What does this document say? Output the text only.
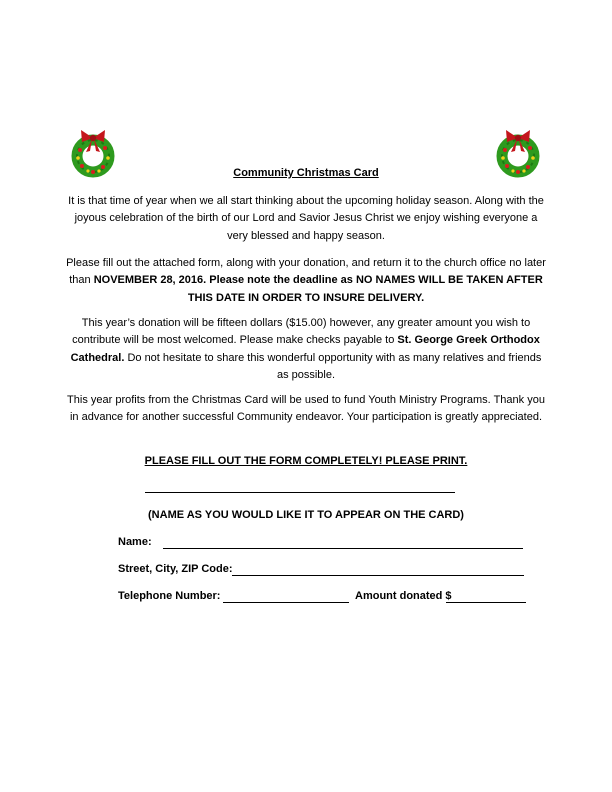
Community Christmas Card
It is that time of year when we all start thinking about the upcoming holiday season. Along with the joyous celebration of the birth of our Lord and Savior Jesus Christ we enjoy wishing everyone a very blessed and happy season.
Please fill out the attached form, along with your donation, and return it to the church office no later than NOVEMBER 28, 2016. Please note the deadline as NO NAMES WILL BE TAKEN AFTER THIS DATE IN ORDER TO INSURE DELIVERY.
This year’s donation will be fifteen dollars ($15.00) however, any greater amount you wish to contribute will be most welcomed. Please make checks payable to St. George Greek Orthodox Cathedral. Do not hesitate to share this wonderful opportunity with as many relatives and friends as possible.
This year profits from the Christmas Card will be used to fund Youth Ministry Programs. Thank you in advance for another successful Community endeavor. Your participation is greatly appreciated.
PLEASE FILL OUT THE FORM COMPLETELY! PLEASE PRINT.
(NAME AS YOU WOULD LIKE IT TO APPEAR ON THE CARD)
Name:
Street, City, ZIP Code:
Telephone Number:	Amount donated $
